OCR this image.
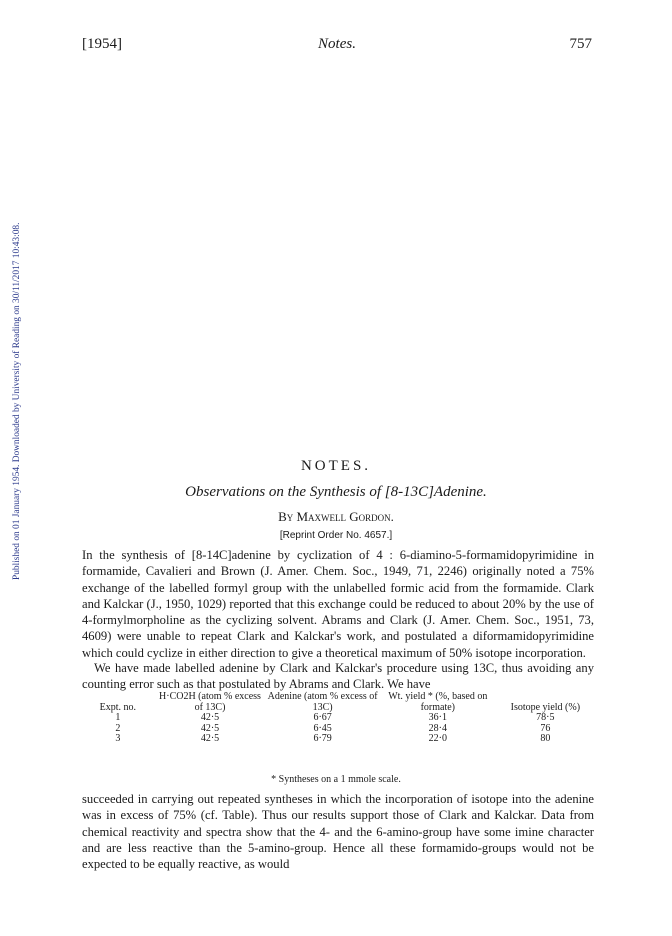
[1954]	Notes.	757
Published on 01 January 1954. Downloaded by University of Reading on 30/11/2017 10:43:08.	NOTES.
Observations on the Synthesis of [8-13C]Adenine.
By Maxwell Gordon.
[Reprint Order No. 4657.]

In the synthesis of [8-14C]adenine by cyclization of 4 : 6-diamino-5-formamidopyrimidine in formamide, Cavalieri and Brown (J. Amer. Chem. Soc., 1949, 71, 2246) originally noted a 75% exchange of the labelled formyl group with the unlabelled formic acid from the formamide. Clark and Kalckar (J., 1950, 1029) reported that this exchange could be reduced to about 20% by the use of 4-formylmorpholine as the cyclizing solvent. Abrams and Clark (J. Amer. Chem. Soc., 1951, 73, 4609) were unable to repeat Clark and Kalckar's work, and postulated a diformamidopyrimidine which could cyclize in either direction to give a theoretical maximum of 50% isotope incorporation.

We have made labelled adenine by Clark and Kalckar's procedure using 13C, thus avoiding any counting error such as that postulated by Abrams and Clark. We have

Expt. no.	H·CO2H (atom % excess of 13C)	Adenine (atom % excess of 13C)	Wt. yield * (%, based on formate)	Isotope yield (%)
1	42·5	6·67	36·1	78·5
2	42·5	6·45	28·4	76
3	42·5	6·79	22·0	80
* Syntheses on a 1 mmole scale.

succeeded in carrying out repeated syntheses in which the incorporation of isotope into the adenine was in excess of 75% (cf. Table). Thus our results support those of Clark and Kalckar. Data from chemical reactivity and spectra show that the 4- and the 6-amino-group have some imine character and are less reactive than the 5-amino-group. Hence all these formamido-groups would not be expected to be equally reactive, as would
